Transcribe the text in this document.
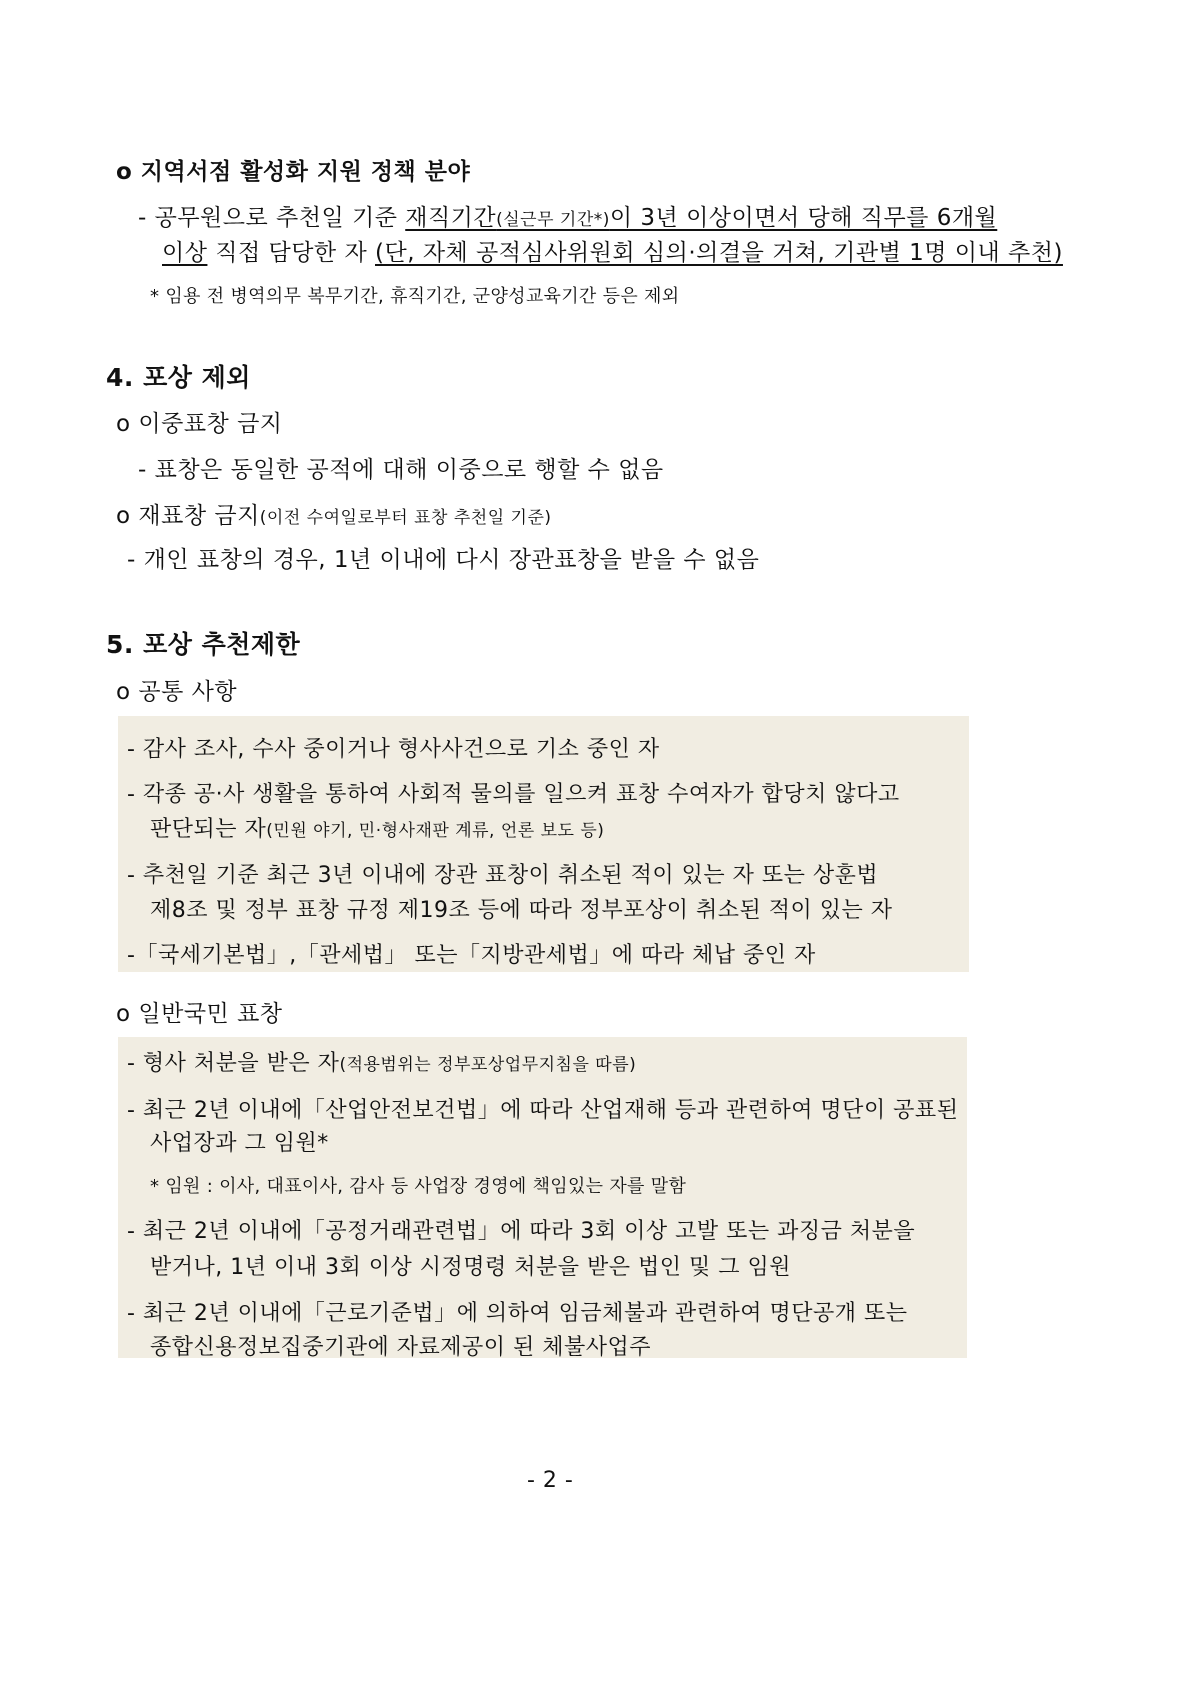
o 지역서점 활성화 지원 정책 분야
- 공무원으로 추천일 기준 재직기간(실근무 기간*)이 3년 이상이면서 당해 직무를 6개월
이상 직접 담당한 자 (단, 자체 공적심사위원회 심의·의결을 거쳐, 기관별 1명 이내 추천)
* 임용 전 병역의무 복무기간, 휴직기간, 군양성교육기간 등은 제외
4. 포상 제외
o 이중표창 금지
- 표창은 동일한 공적에 대해 이중으로 행할 수 없음
o 재표창 금지(이전 수여일로부터 표창 추천일 기준)
- 개인 표창의 경우, 1년 이내에 다시 장관표창을 받을 수 없음
5. 포상 추천제한
o 공통 사항
- 감사 조사, 수사 중이거나 형사사건으로 기소 중인 자
- 각종 공·사 생활을 통하여 사회적 물의를 일으켜 표창 수여자가 합당치 않다고
판단되는 자(민원 야기, 민·형사재판 계류, 언론 보도 등)
- 추천일 기준 최근 3년 이내에 장관 표창이 취소된 적이 있는 자 또는 상훈법
제8조 및 정부 표창 규정 제19조 등에 따라 정부포상이 취소된 적이 있는 자
-「국세기본법」,「관세법」 또는「지방관세법」에 따라 체납 중인 자
o 일반국민 표창
- 형사 처분을 받은 자(적용범위는 정부포상업무지침을 따름)
- 최근 2년 이내에「산업안전보건법」에 따라 산업재해 등과 관련하여 명단이 공표된
사업장과 그 임원*
* 임원 : 이사, 대표이사, 감사 등 사업장 경영에 책임있는 자를 말함
- 최근 2년 이내에「공정거래관련법」에 따라 3회 이상 고발 또는 과징금 처분을
받거나, 1년 이내 3회 이상 시정명령 처분을 받은 법인 및 그 임원
- 최근 2년 이내에「근로기준법」에 의하여 임금체불과 관련하여 명단공개 또는
종합신용정보집중기관에 자료제공이 된 체불사업주
- 2 -
